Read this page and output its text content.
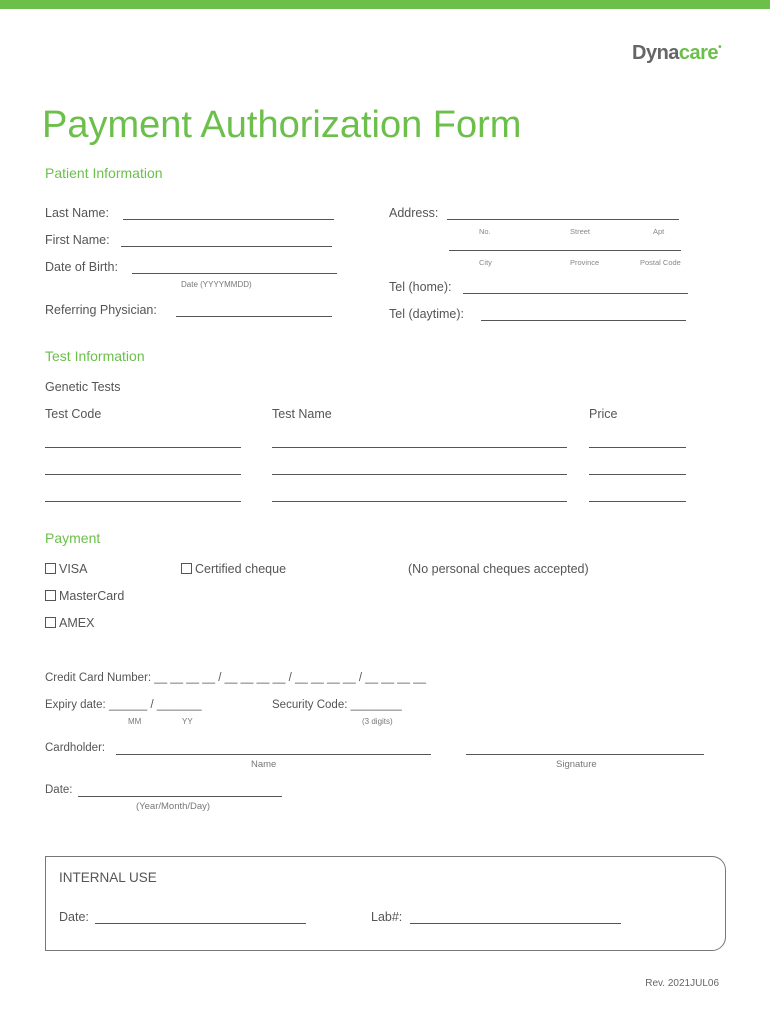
Dynacare•
Payment Authorization Form
Patient Information
Last Name:
First Name:
Date of Birth:
Date (YYYYMMDD)
Referring Physician:
Address:
No.	Street	Apt
City	Province	Postal Code
Tel (home):
Tel (daytime):
Test Information
Genetic Tests
Test Code	Test Name	Price
Payment
VISA	Certified cheque	(No personal cheques accepted)
MasterCard
AMEX
Credit Card Number: __ __ __ __ / __ __ __ __ / __ __ __ __ / __ __ __ __
Expiry date: ______ / _______
MM	YY
Security Code: ________
(3 digits)
Cardholder:
Name	Signature
Date:
(Year/Month/Day)
INTERNAL USE
Date:	Lab#:
Rev. 2021JUL06
